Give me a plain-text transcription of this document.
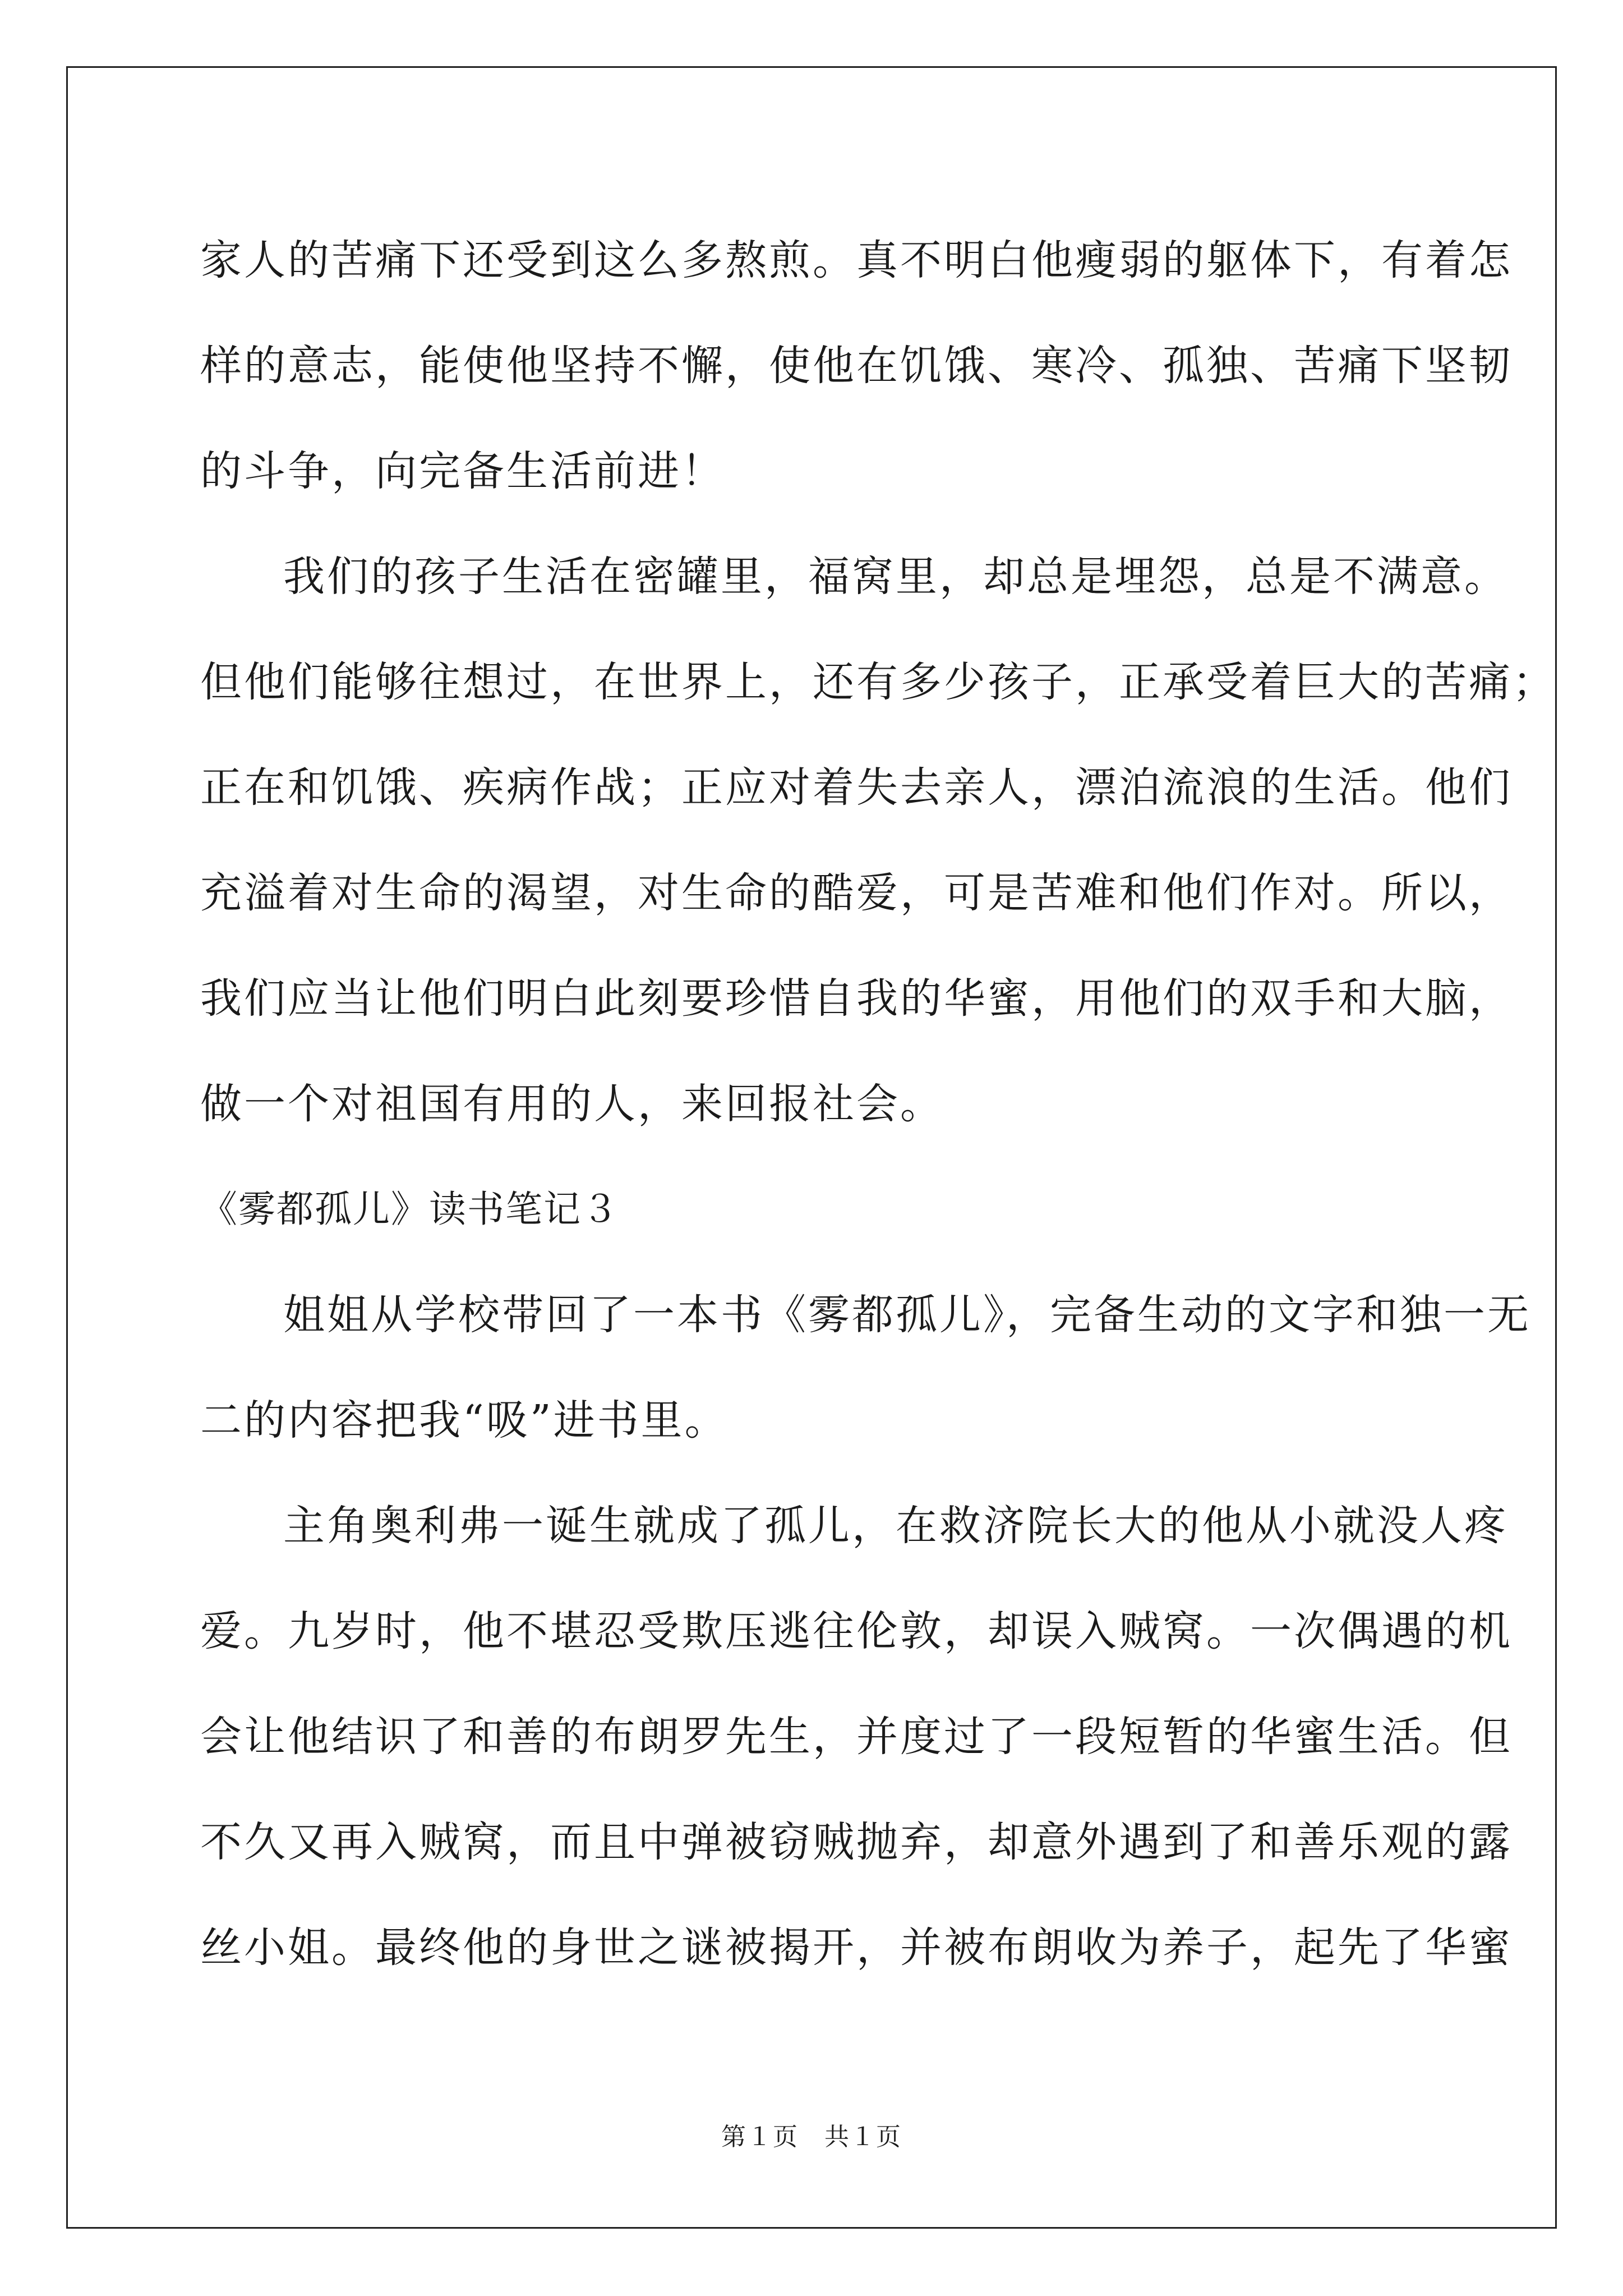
家人的苦痛下还受到这么多熬煎。真不明白他瘦弱的躯体下，有着怎
样的意志，能使他坚持不懈，使他在饥饿、寒冷、孤独、苦痛下坚韧
的斗争，向完备生活前进！
我们的孩子生活在密罐里，福窝里，却总是埋怨，总是不满意。
但他们能够往想过，在世界上，还有多少孩子，正承受着巨大的苦痛；
正在和饥饿、疾病作战；正应对着失去亲人，漂泊流浪的生活。他们
充溢着对生命的渴望，对生命的酷爱，可是苦难和他们作对。所以，
我们应当让他们明白此刻要珍惜自我的华蜜，用他们的双手和大脑，
做一个对祖国有用的人，来回报社会。
《雾都孤儿》读书笔记３
姐姐从学校带回了一本书《雾都孤儿》，完备生动的文字和独一无
二的内容把我“吸”进书里。
主角奥利弗一诞生就成了孤儿，在救济院长大的他从小就没人疼
爱。九岁时，他不堪忍受欺压逃往伦敦，却误入贼窝。一次偶遇的机
会让他结识了和善的布朗罗先生，并度过了一段短暂的华蜜生活。但
不久又再入贼窝，而且中弹被窃贼抛弃，却意外遇到了和善乐观的露
丝小姐。最终他的身世之谜被揭开，并被布朗收为养子，起先了华蜜
第１页　共１页
